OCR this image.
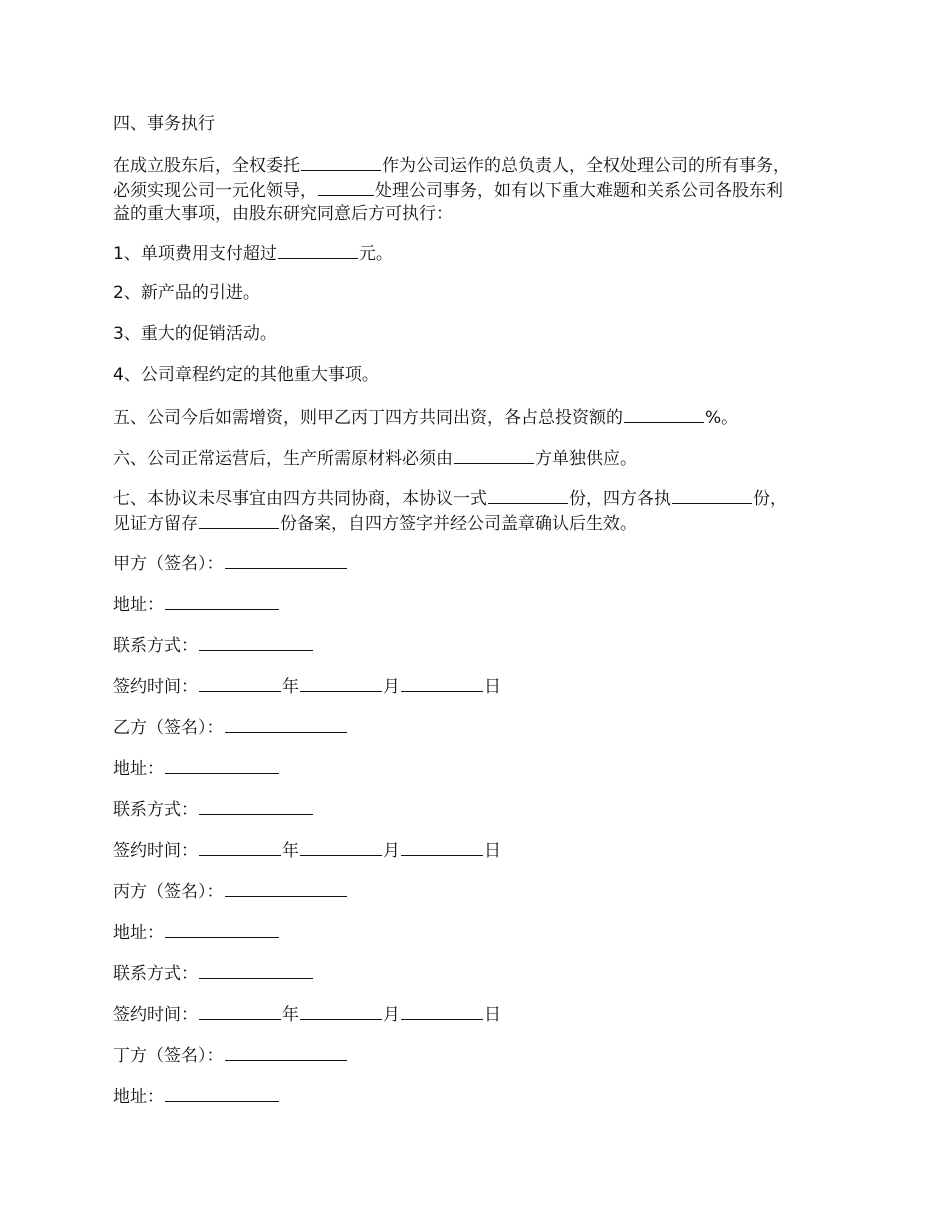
四、事务执行
在成立股东后，全权委托	作为公司运作的总负责人，全权处理公司的所有事务，
必须实现公司一元化领导，	处理公司事务，如有以下重大难题和关系公司各股东利
益的重大事项，由股东研究同意后方可执行：
1、单项费用支付超过	元。
2、新产品的引进。
3、重大的促销活动。
4、公司章程约定的其他重大事项。
五、公司今后如需增资，则甲乙丙丁四方共同出资，各占总投资额的	%。
六、公司正常运营后，生产所需原材料必须由	方单独供应。
七、本协议未尽事宜由四方共同协商，本协议一式	份，四方各执	份，
见证方留存	份备案，自四方签字并经公司盖章确认后生效。
甲方（签名）：
地址：
联系方式：
签约时间：	年	月	日
乙方（签名）：
地址：
联系方式：
签约时间：	年	月	日
丙方（签名）：
地址：
联系方式：
签约时间：	年	月	日
丁方（签名）：
地址：
